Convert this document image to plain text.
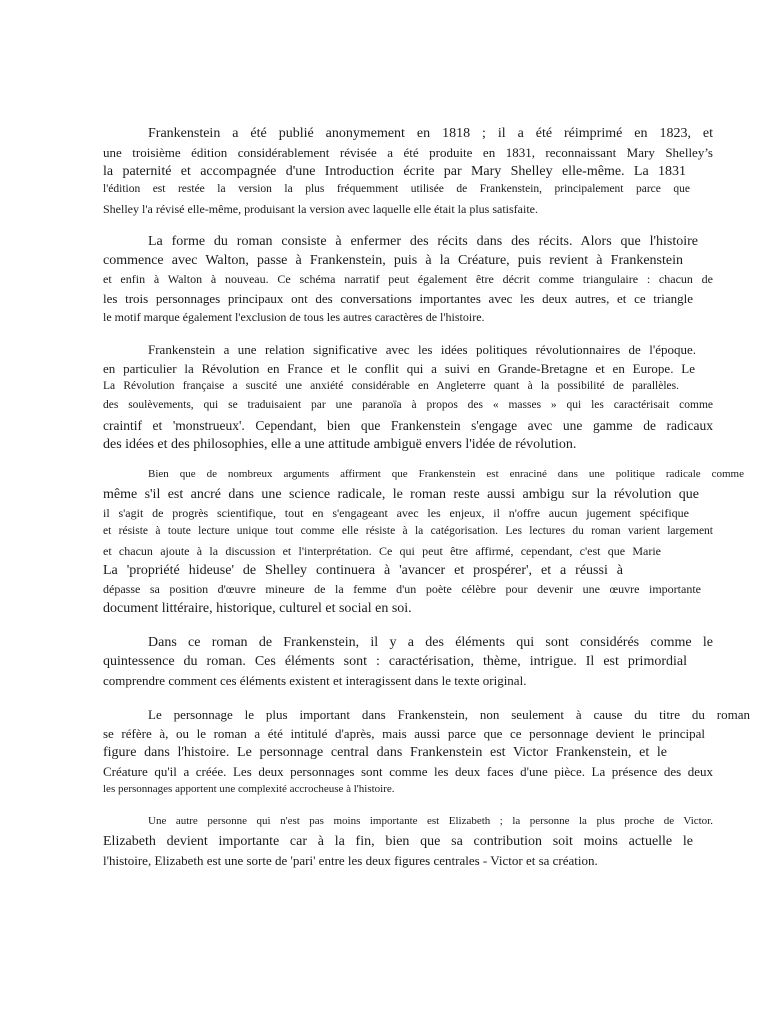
Frankenstein a été publié anonymement en 1818 ; il a été réimprimé en 1823, et
une troisième édition considérablement révisée a été produite en 1831, reconnaissant Mary Shelley’s
la paternité et accompagnée d'une Introduction écrite par Mary Shelley elle-même. La 1831
l'édition est restée la version la plus fréquemment utilisée de Frankenstein, principalement parce que
Shelley l'a révisé elle-même, produisant la version avec laquelle elle était la plus satisfaite.
La forme du roman consiste à enfermer des récits dans des récits. Alors que l'histoire
commence avec Walton, passe à Frankenstein, puis à la Créature, puis revient à Frankenstein
et enfin à Walton à nouveau. Ce schéma narratif peut également être décrit comme triangulaire : chacun de
les trois personnages principaux ont des conversations importantes avec les deux autres, et ce triangle
le motif marque également l'exclusion de tous les autres caractères de l'histoire.
Frankenstein a une relation significative avec les idées politiques révolutionnaires de l'époque.
en particulier la Révolution en France et le conflit qui a suivi en Grande-Bretagne et en Europe. Le
La Révolution française a suscité une anxiété considérable en Angleterre quant à la possibilité de parallèles.
des soulèvements, qui se traduisaient par une paranoïa à propos des « masses » qui les caractérisait comme
craintif et 'monstrueux'. Cependant, bien que Frankenstein s'engage avec une gamme de radicaux
des idées et des philosophies, elle a une attitude ambiguë envers l'idée de révolution.
Bien que de nombreux arguments affirment que Frankenstein est enraciné dans une politique radicale comme
même s'il est ancré dans une science radicale, le roman reste aussi ambigu sur la révolution que
il s'agit de progrès scientifique, tout en s'engageant avec les enjeux, il n'offre aucun jugement spécifique
et résiste à toute lecture unique tout comme elle résiste à la catégorisation. Les lectures du roman varient largement
et chacun ajoute à la discussion et l'interprétation. Ce qui peut être affirmé, cependant, c'est que Marie
La 'propriété hideuse' de Shelley continuera à 'avancer et prospérer', et a réussi à
dépasse sa position d'œuvre mineure de la femme d'un poète célèbre pour devenir une œuvre importante
document littéraire, historique, culturel et social en soi.
Dans ce roman de Frankenstein, il y a des éléments qui sont considérés comme le
quintessence du roman. Ces éléments sont : caractérisation, thème, intrigue. Il est primordial
comprendre comment ces éléments existent et interagissent dans le texte original.
Le personnage le plus important dans Frankenstein, non seulement à cause du titre du roman
se réfère à, ou le roman a été intitulé d'après, mais aussi parce que ce personnage devient le principal
figure dans l'histoire. Le personnage central dans Frankenstein est Victor Frankenstein, et le
Créature qu'il a créée. Les deux personnages sont comme les deux faces d'une pièce. La présence des deux
les personnages apportent une complexité accrocheuse à l'histoire.
Une autre personne qui n'est pas moins importante est Elizabeth ; la personne la plus proche de Victor.
Elizabeth devient importante car à la fin, bien que sa contribution soit moins actuelle le
l'histoire, Elizabeth est une sorte de 'pari' entre les deux figures centrales - Victor et sa création.
